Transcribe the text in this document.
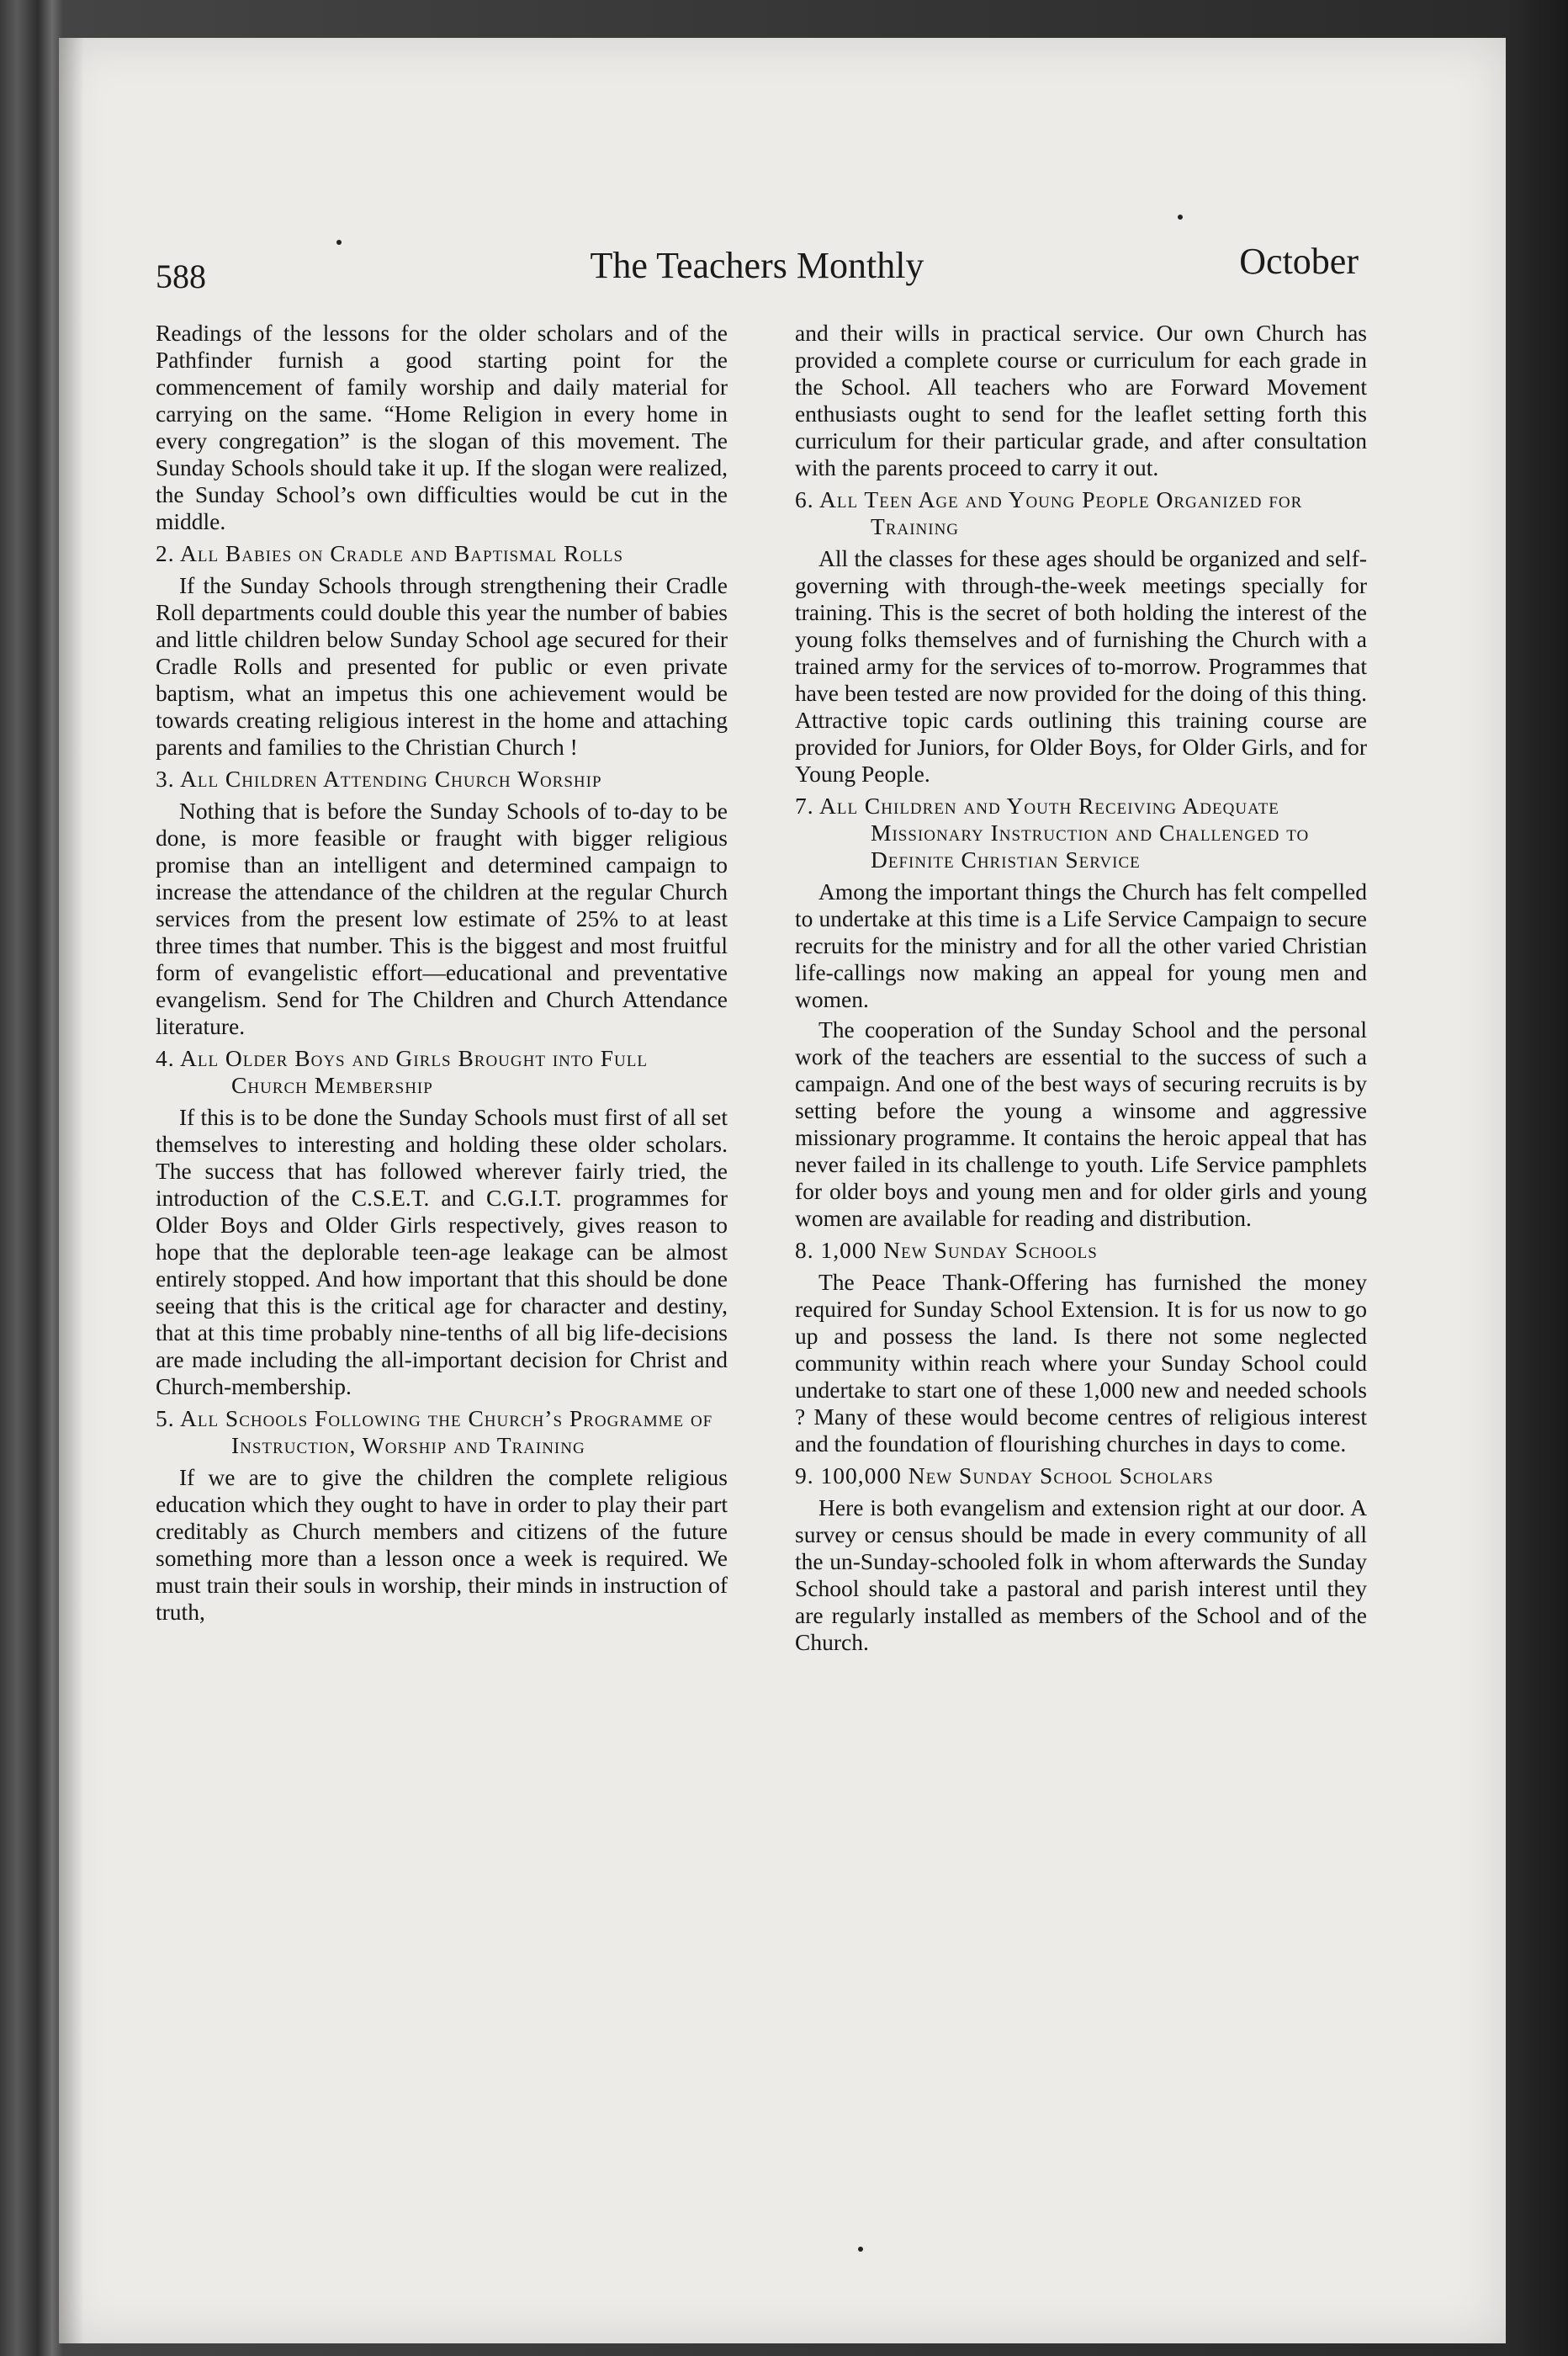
588	The Teachers Monthly	October

Readings of the lessons for the older scholars and of the Pathfinder furnish a good starting point for the commencement of family worship and daily material for carrying on the same. “Home Religion in every home in every congregation” is the slogan of this movement. The Sunday Schools should take it up. If the slogan were realized, the Sunday School’s own difficulties would be cut in the middle.

2. All Babies on Cradle and Baptismal Rolls

If the Sunday Schools through strengthening their Cradle Roll departments could double this year the number of babies and little children below Sunday School age secured for their Cradle Rolls and presented for public or even private baptism, what an impetus this one achievement would be towards creating religious interest in the home and attaching parents and families to the Christian Church !

3. All Children Attending Church Worship

Nothing that is before the Sunday Schools of to-day to be done, is more feasible or fraught with bigger religious promise than an intelligent and determined campaign to increase the attendance of the children at the regular Church services from the present low estimate of 25% to at least three times that number. This is the biggest and most fruitful form of evangelistic effort—educational and preventative evangelism. Send for The Children and Church Attendance literature.

4. All Older Boys and Girls Brought into Full Church Membership

If this is to be done the Sunday Schools must first of all set themselves to interesting and holding these older scholars. The success that has followed wherever fairly tried, the introduction of the C.S.E.T. and C.G.I.T. programmes for Older Boys and Older Girls respectively, gives reason to hope that the deplorable teen-age leakage can be almost entirely stopped. And how important that this should be done seeing that this is the critical age for character and destiny, that at this time probably nine-tenths of all big life-decisions are made including the all-important decision for Christ and Church-membership.

5. All Schools Following the Church’s Programme of Instruction, Worship and Training

If we are to give the children the complete religious education which they ought to have in order to play their part creditably as Church members and citizens of the future something more than a lesson once a week is required. We must train their souls in worship, their minds in instruction of truth,

and their wills in practical service. Our own Church has provided a complete course or curriculum for each grade in the School. All teachers who are Forward Movement enthusiasts ought to send for the leaflet setting forth this curriculum for their particular grade, and after consultation with the parents proceed to carry it out.

6. All Teen Age and Young People Organized for Training

All the classes for these ages should be organized and self-governing with through-the-week meetings specially for training. This is the secret of both holding the interest of the young folks themselves and of furnishing the Church with a trained army for the services of to-morrow. Programmes that have been tested are now provided for the doing of this thing. Attractive topic cards outlining this training course are provided for Juniors, for Older Boys, for Older Girls, and for Young People.

7. All Children and Youth Receiving Adequate Missionary Instruction and Challenged to Definite Christian Service

Among the important things the Church has felt compelled to undertake at this time is a Life Service Campaign to secure recruits for the ministry and for all the other varied Christian life-callings now making an appeal for young men and women.

The cooperation of the Sunday School and the personal work of the teachers are essential to the success of such a campaign. And one of the best ways of securing recruits is by setting before the young a winsome and aggressive missionary programme. It contains the heroic appeal that has never failed in its challenge to youth. Life Service pamphlets for older boys and young men and for older girls and young women are available for reading and distribution.

8. 1,000 New Sunday Schools

The Peace Thank-Offering has furnished the money required for Sunday School Extension. It is for us now to go up and possess the land. Is there not some neglected community within reach where your Sunday School could undertake to start one of these 1,000 new and needed schools ? Many of these would become centres of religious interest and the foundation of flourishing churches in days to come.

9. 100,000 New Sunday School Scholars

Here is both evangelism and extension right at our door. A survey or census should be made in every community of all the un-Sunday-schooled folk in whom afterwards the Sunday School should take a pastoral and parish interest until they are regularly installed as members of the School and of the Church.
